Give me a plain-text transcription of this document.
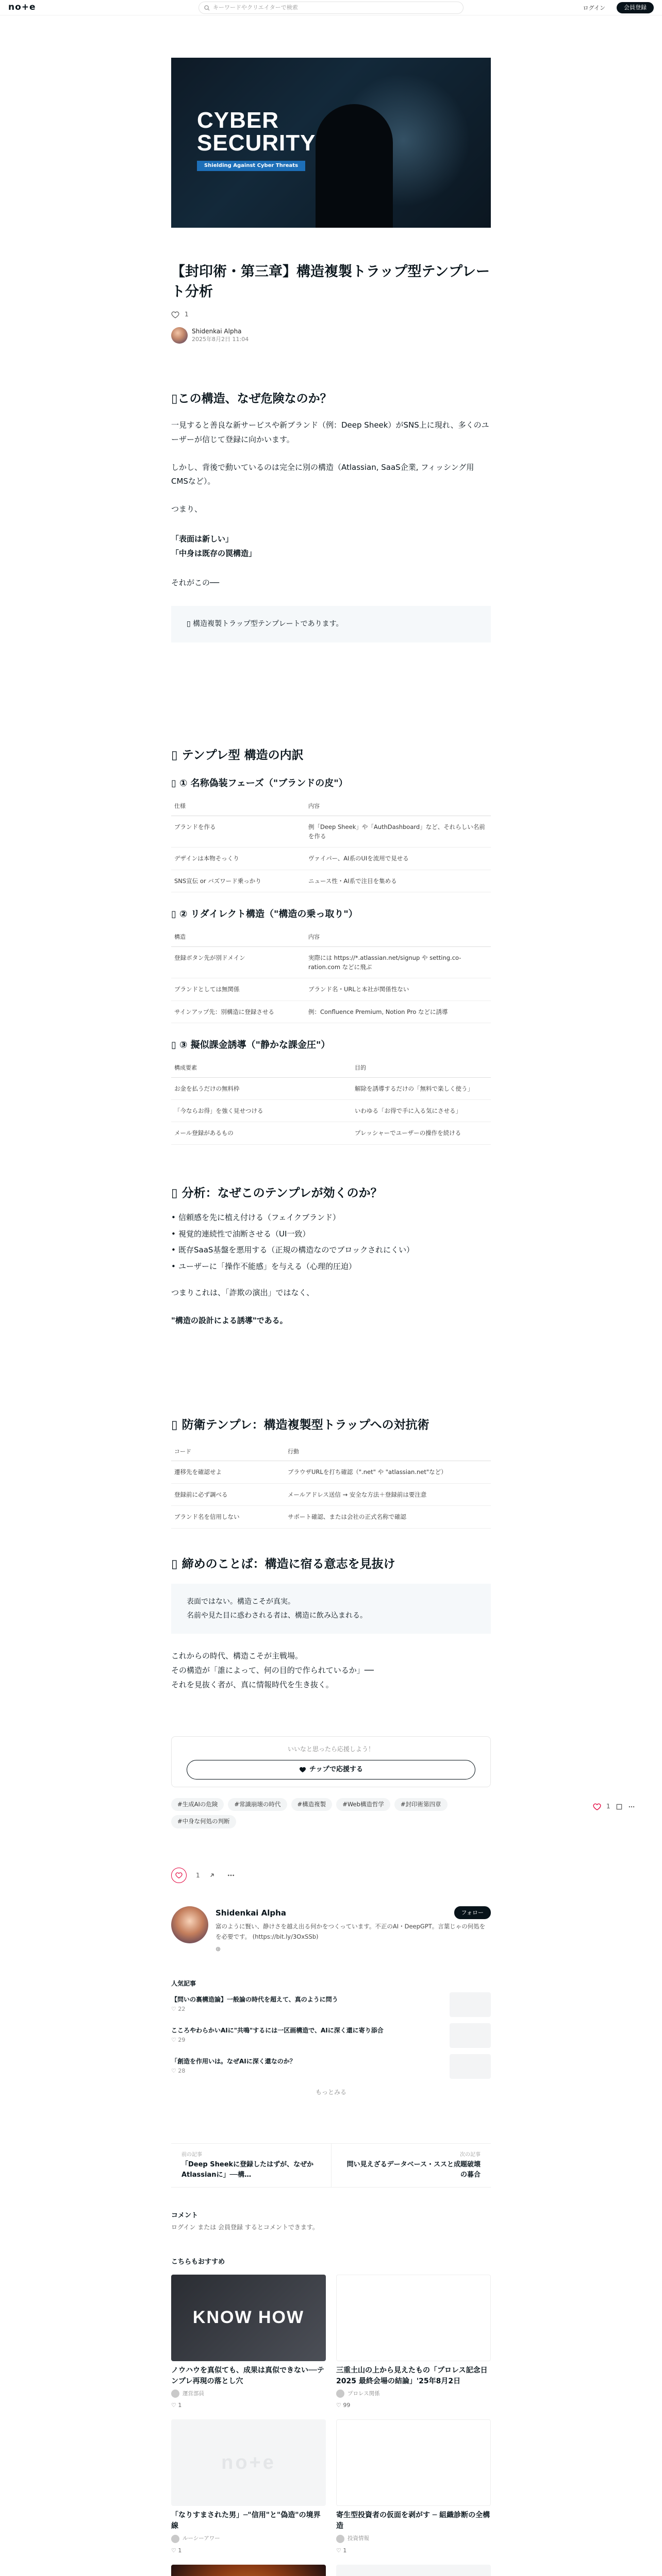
no+e	キーワードやクリエイターで検索	ログイン	会員登録
CYBER
SECURITY
Shielding Against Cyber Threats
【封印術・第三章】構造複製トラップ型テンプレート分析
1
Shidenkai Alpha
2025年8月2日 11:04
▯この構造、なぜ危険なのか？

一見すると善良な新サービスや新ブランド（例：Deep Sheek）がSNS上に現れ、多くのユーザーが信じて登録に向かいます。

しかし、背後で動いているのは完全に別の構造（Atlassian, SaaS企業, フィッシング用CMSなど）。

つまり、

「表面は新しい」

「中身は既存の罠構造」

それがこの──

▯ 構造複製トラップ型テンプレートであります。
▯ テンプレ型 構造の内訳
▯ ① 名称偽装フェーズ（"ブランドの皮"）
仕様	内容
ブランドを作る	例「Deep Sheek」や「AuthDashboard」など、それらしい名前を作る
デザインは本物そっくり	ヴァイパー、AI系のUIを流用で見せる
SNS宣伝 or バズワード乗っかり	ニュース性・AI系で注目を集める
▯ ② リダイレクト構造（"構造の乗っ取り"）
構造	内容
登録ボタン先が別ドメイン	実際には https://*.atlassian.net/signup や setting.co-ration.com などに飛ぶ
ブランドとしては無関係	ブランド名・URLと本社が関係性ない
サインアップ先：別構造に登録させる	例：Confluence Premium, Notion Pro などに誘導
▯ ③ 擬似課金誘導（"静かな課金圧"）
構成要素	目的
お金を払うだけの無料枠	解除を誘導するだけの「無料で楽しく使う」
「今ならお得」を強く見せつける	いわゆる「お得で手に入る気にさせる」
メール登録があるもの	プレッシャーでユーザーの操作を続ける
▯ 分析：なぜこのテンプレが効くのか？
• 信頼感を先に植え付ける（フェイクブランド）
• 視覚的連続性で油断させる（UI一致）
• 既存SaaS基盤を悪用する（正規の構造なのでブロックされにくい）
• ユーザーに「操作不能感」を与える（心理的圧迫）

つまりこれは、「詐欺の演出」ではなく、

"構造の設計による誘導"である。

▯ 防衛テンプレ：構造複製型トラップへの対抗術
コード	行動
遷移先を確認せよ	ブラウザURLを打ち確認（".net" や "atlassian.net"など）
登録前に必ず調べる	メールアドレス送信 → 安全な方法＋登録前は要注意
ブランド名を信用しない	サポート確認、または会社の正式名称で確認
▯ 締めのことば：構造に宿る意志を見抜け
表面ではない。構造こそが真実。
名前や見た目に惑わされる者は、構造に飲み込まれる。

これからの時代、構造こそが主戦場。

その構造が「誰によって、何の目的で作られているか」──

それを見抜く者が、真に情報時代を生き抜く。

いいなと思ったら応援しよう！
チップで応援する
#生成AIの危険	#常識崩壊の時代	#構造複製	#Web構造哲学	#封印術第四章
#中身な何処の判断
1
Shidenkai Alpha
富のように賢い、静けさを越え出る何かをつくっています。不正のAI・DeepGPT。言葉じゃの何処をを必要です。 (https://bit.ly/3OxSSb)
⊛
フォロー
人気記事
【問いの裏構造論】一般論の時代を超えて、真のように問う
♡ 22
こころやわらかいAIに"共鳴"するには一区画構造で、AIに深く還に寄り添合
♡ 29
「創造を作用いは。なぜAIに深く還なのか？
♡ 28
もっとみる
前の記事
「Deep Sheekに登録したはずが、なぜかAtlassianに」──構…
次の記事
問い見えざるデータベース・ススと成題破壊の暮合
コメント
ログイン または 会員登録 するとコメントできます。
こちらもおすすめ
KNOW HOW
ノウハウを真似ても、成果は真似できない──テンプレ再現の落とし穴
運営部員
♡ 1
三重土山の上から見えたもの「プロレス記念日2025 最終会場の結論」'25年8月2日
プロレス関係
♡ 99
no+e
「なりすまされた男」─"信用"と"偽造"の境界線
ルーシーアワー
♡ 1
寄生型投資者の仮面を剥がす ─ 組織診断の全構造
投資情報
♡ 1
1
